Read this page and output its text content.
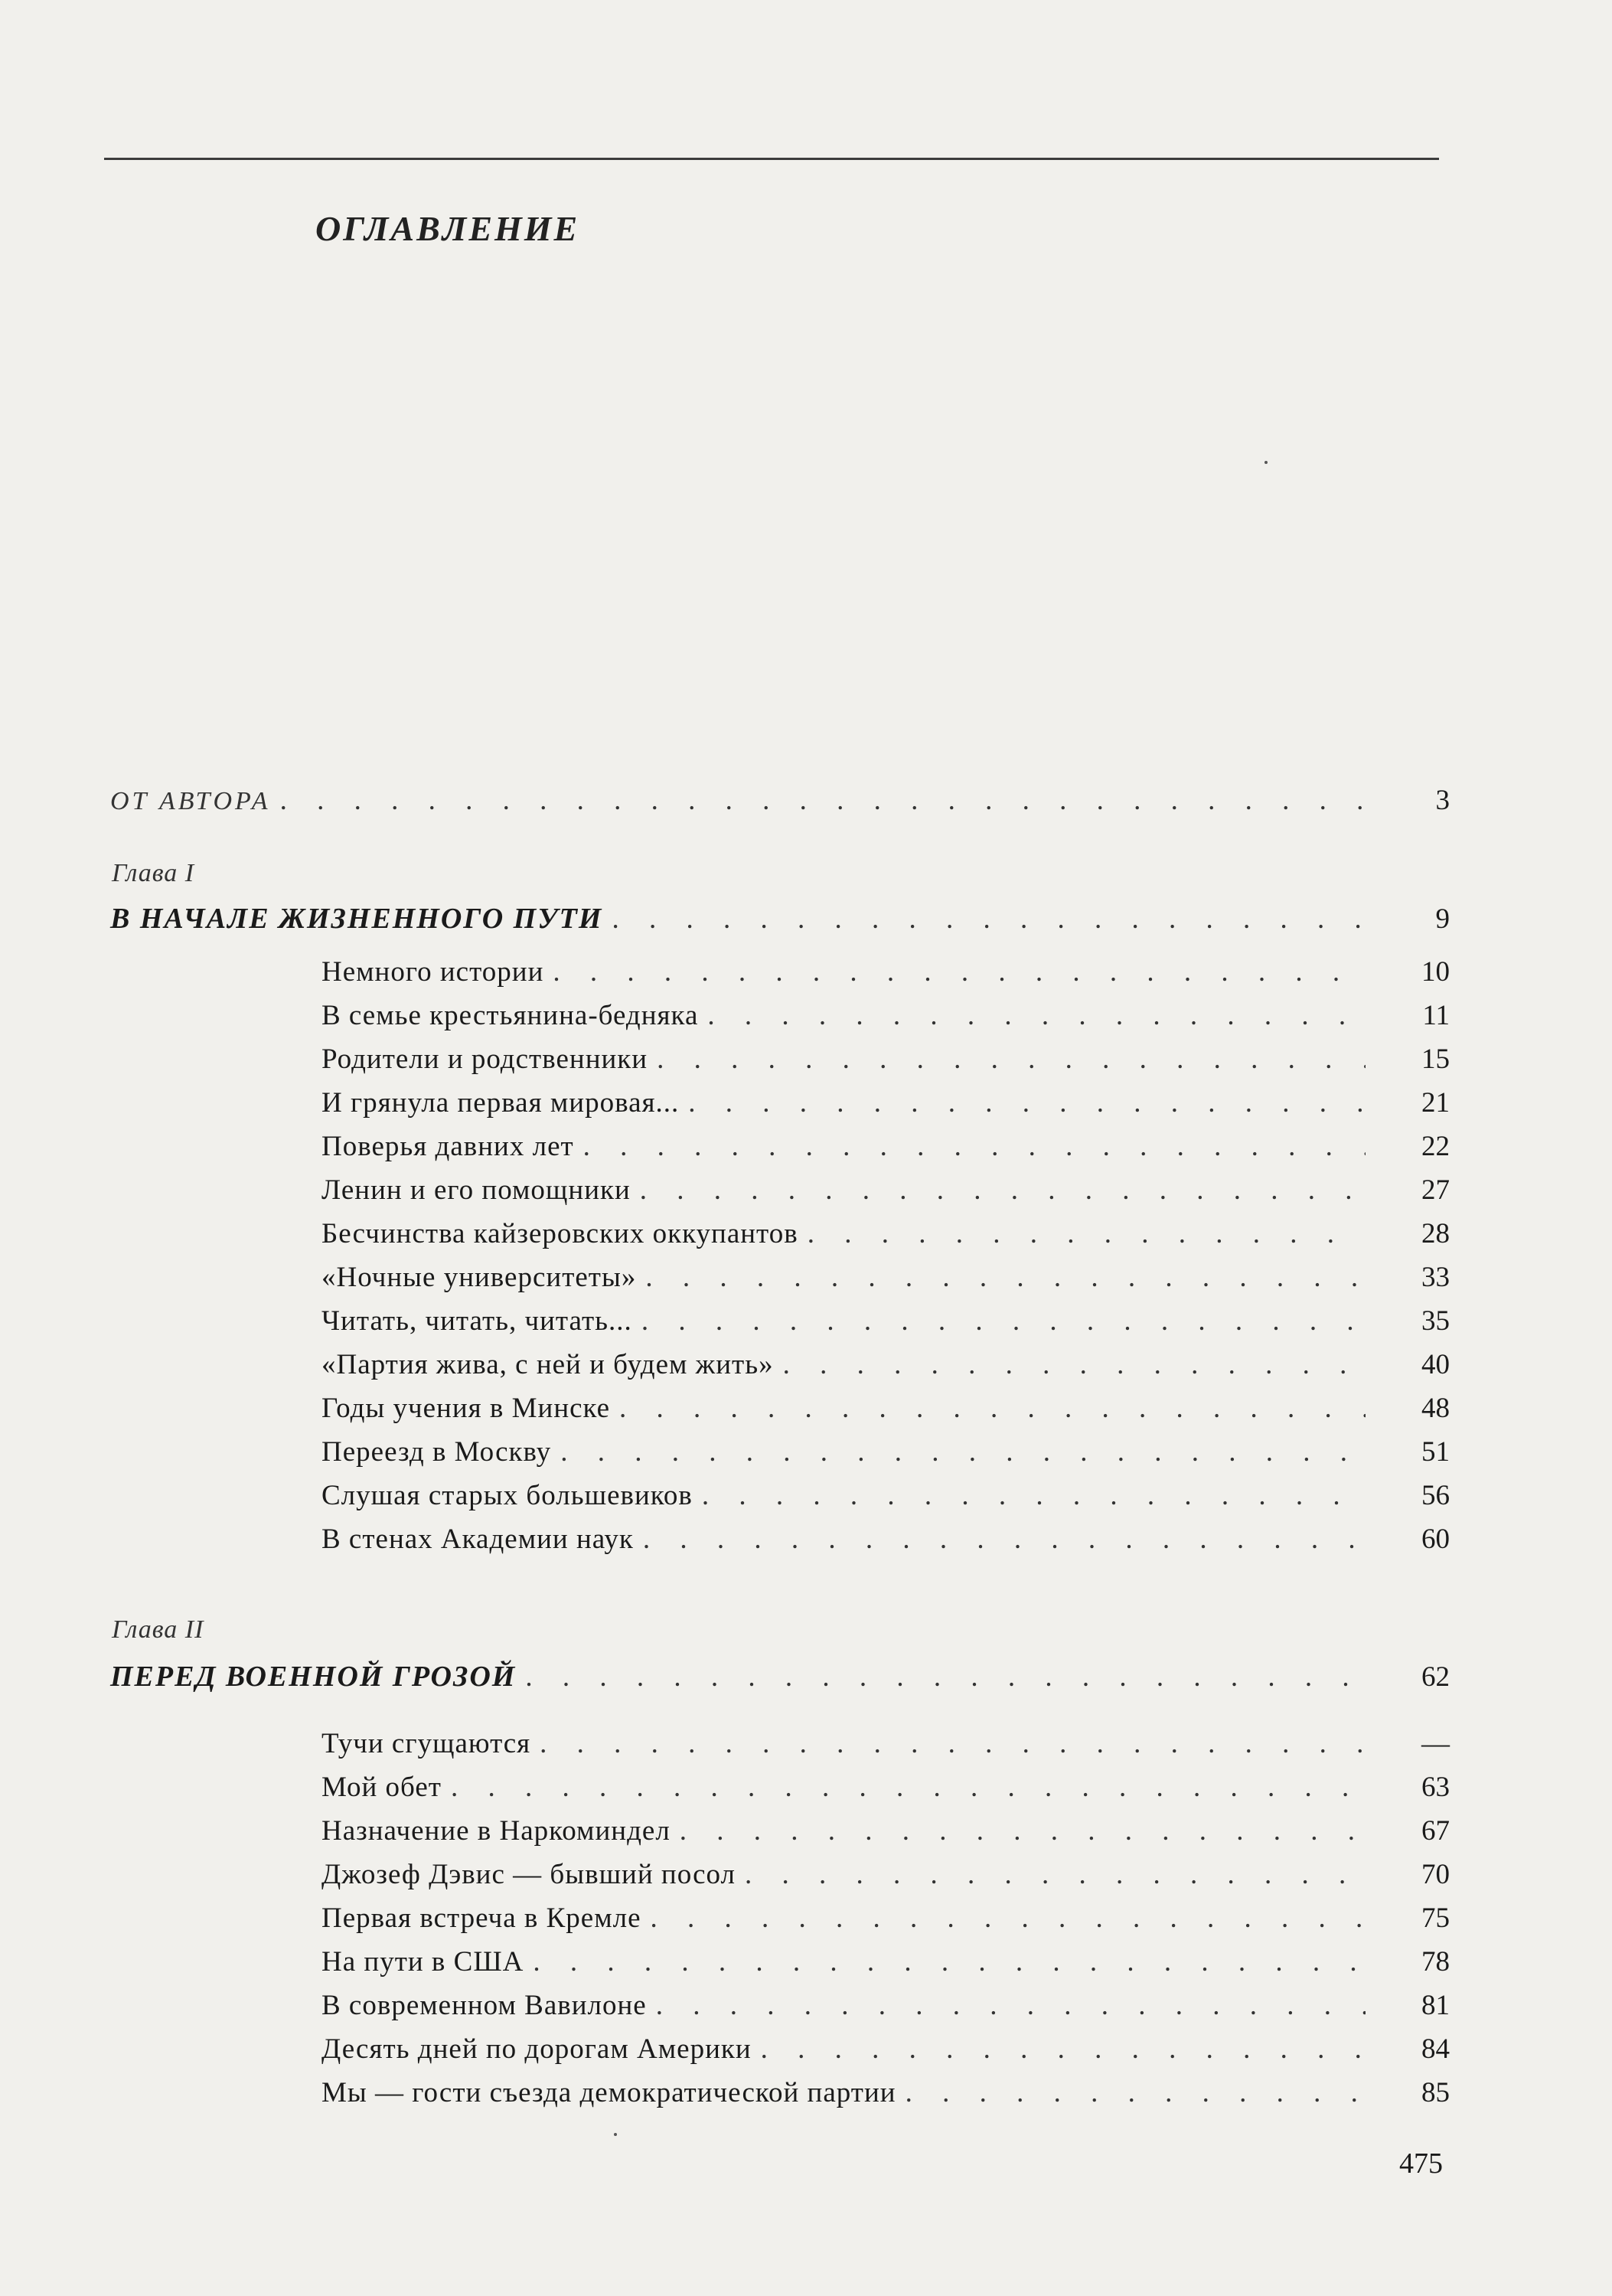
ОГЛАВЛЕНИЕ
ОТ АВТОРА . . .	3
Глава I
В НАЧАЛЕ ЖИЗНЕННОГО ПУТИ . . .	9
Немного истории . . .	10
В семье крестьянина-бедняка . . .	11
Родители и родственники . . .	15
И грянула первая мировая... . . .	21
Поверья давних лет . . .	22
Ленин и его помощники . . .	27
Бесчинства кайзеровских оккупантов . . .	28
«Ночные университеты» . . .	33
Читать, читать, читать... . . .	35
«Партия жива, с ней и будем жить» . . .	40
Годы учения в Минске . . .	48
Переезд в Москву . . .	51
Слушая старых большевиков . . .	56
В стенах Академии наук . . .	60
Глава II
ПЕРЕД ВОЕННОЙ ГРОЗОЙ . . .	62
Тучи сгущаются . . .	—
Мой обет . . .	63
Назначение в Наркоминдел . . .	67
Джозеф Дэвис — бывший посол . . .	70
Первая встреча в Кремле . . .	75
На пути в США . . .	78
В современном Вавилоне . . .	81
Десять дней по дорогам Америки . . .	84
Мы — гости съезда демократической партии . . .	85
475
